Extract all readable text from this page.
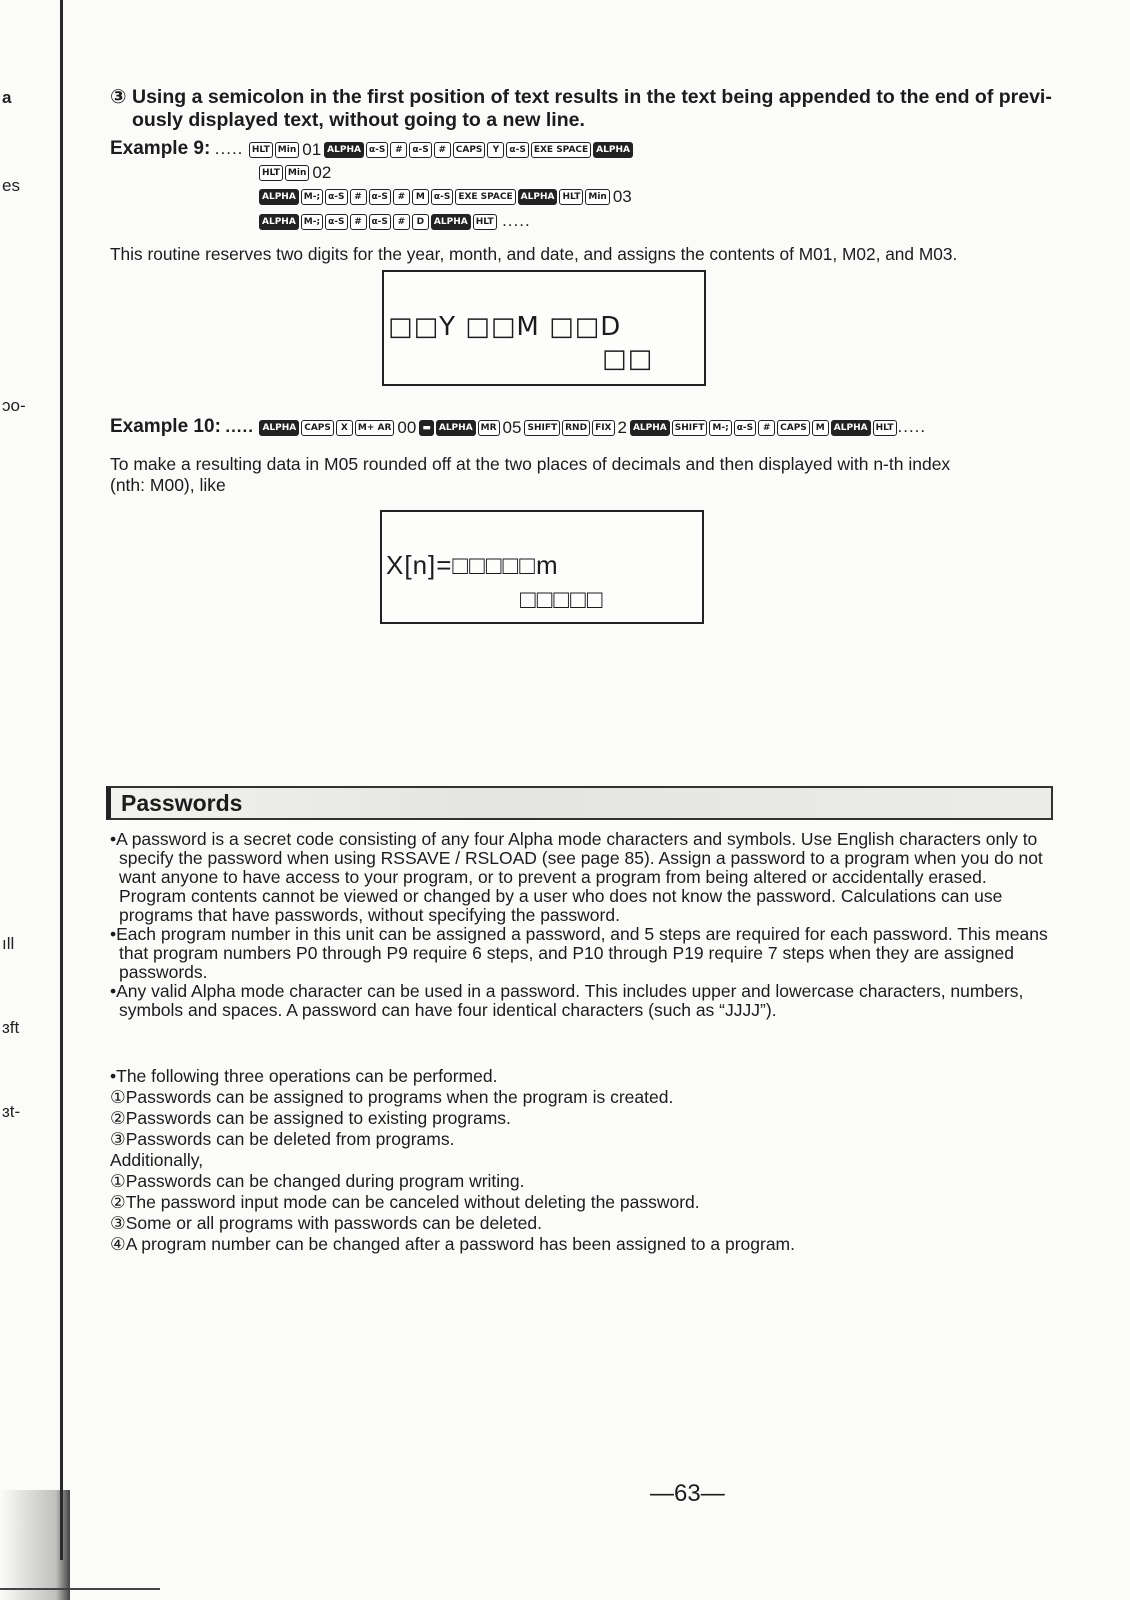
a
es
ɔo-
ıll
ɜft
ɜt-
③ Using a semicolon in the first position of text results in the text being appended to the end of previ-
ously displayed text, without going to a new line.
Example 9: ..... HLT Min 01 ALPHA α-S # α-S # CAPS Y α-S EXE SPACE ALPHA
HLT Min 02
ALPHA M-; α-S # α-S # M α-S EXE SPACE ALPHA HLT Min 03
ALPHA M-; α-S # α-S # D ALPHA HLT .....
This routine reserves two digits for the year, month, and date, and assigns the contents of M01, M02, and M03.
□□Y □□M □□D
□□
Example 10: ..... ALPHA CAPS X M+ AR 00 ▬ ALPHA MR 05 SHIFT RND FIX 2 ALPHA SHIFT M-; α-S # CAPS M ALPHA HLT .....
To make a resulting data in M05 rounded off at the two places of decimals and then displayed with n-th index
(nth: M00), like
X[n]=□□□□□m
□□□□□
Passwords

•A password is a secret code consisting of any four Alpha mode characters and symbols. Use English characters only to specify the password when using RSSAVE / RSLOAD (see page 85). Assign a password to a program when you do not want anyone to have access to your program, or to prevent a program from being altered or accidentally erased. Program contents cannot be viewed or changed by a user who does not know the password. Calculations can use programs that have passwords, without specifying the password.

•Each program number in this unit can be assigned a password, and 5 steps are required for each password. This means that program numbers P0 through P9 require 6 steps, and P10 through P19 require 7 steps when they are assigned passwords.

•Any valid Alpha mode character can be used in a password. This includes upper and lowercase characters, numbers, symbols and spaces. A password can have four identical characters (such as “JJJJ”).

•The following three operations can be performed.
①Passwords can be assigned to programs when the program is created.
②Passwords can be assigned to existing programs.
③Passwords can be deleted from programs.
Additionally,
①Passwords can be changed during program writing.
②The password input mode can be canceled without deleting the password.
③Some or all programs with passwords can be deleted.
④A program number can be changed after a password has been assigned to a program.
—63—
